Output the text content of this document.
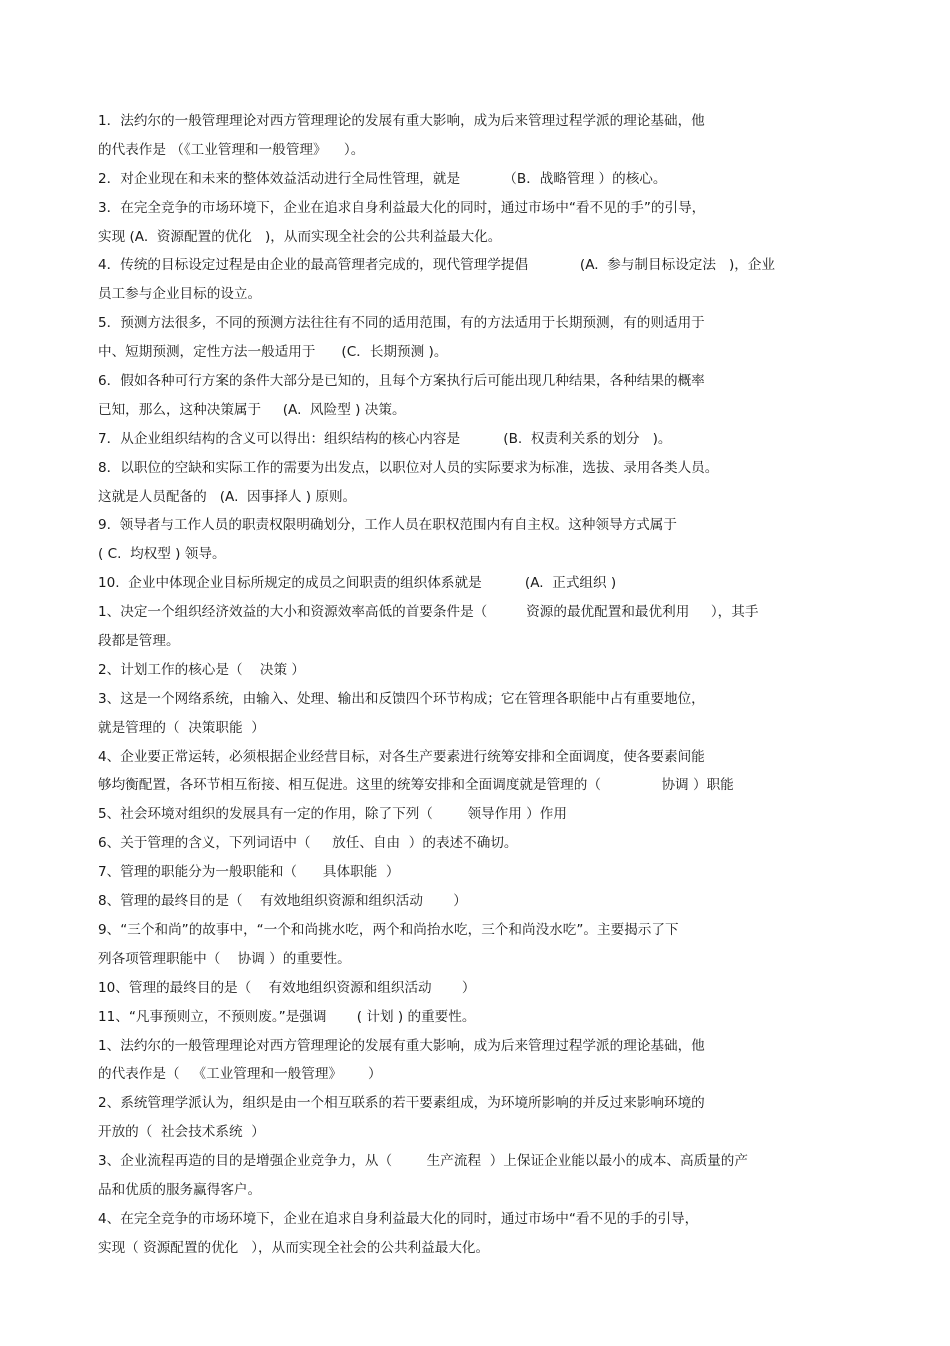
1．法约尔的一般管理理论对西方管理理论的发展有重大影响，成为后来管理过程学派的理论基础，他
的代表作是 （《工业管理和一般管理》    ）。
2．对企业现在和未来的整体效益活动进行全局性管理，就是          （B．战略管理 ）的核心。
3．在完全竞争的市场环境下，企业在追求自身利益最大化的同时，通过市场中“看不见的手”的引导，
实现 (A.  资源配置的优化   )，从而实现全社会的公共利益最大化。
4．传统的目标设定过程是由企业的最高管理者完成的，现代管理学提倡            (A.  参与制目标设定法   )，企业
员工参与企业目标的设立。
5．预测方法很多，不同的预测方法往往有不同的适用范围，有的方法适用于长期预测，有的则适用于
中、短期预测，定性方法一般适用于      (C．长期预测 )。
6．假如各种可行方案的条件大部分是已知的，且每个方案执行后可能出现几种结果，各种结果的概率
已知，那么，这种决策属于     (A.  风险型 ) 决策。
7．从企业组织结构的含义可以得出：组织结构的核心内容是          (B.  权责利关系的划分   )。
8．以职位的空缺和实际工作的需要为出发点，以职位对人员的实际要求为标准，选拔、录用各类人员。
这就是人员配备的   (A.  因事择人 ) 原则。
9.  领导者与工作人员的职责权限明确划分，工作人员在职权范围内有自主权。这种领导方式属于
( C.  均权型 ) 领导。
10.  企业中体现企业目标所规定的成员之间职责的组织体系就是          (A.  正式组织 )
1、决定一个组织经济效益的大小和资源效率高低的首要条件是（         资源的最优配置和最优利用     ），其手
段都是管理。
2、计划工作的核心是（    决策 ）
3、这是一个网络系统，由输入、处理、输出和反馈四个环节构成；它在管理各职能中占有重要地位，
就是管理的（  决策职能  ）
4、企业要正常运转，必须根据企业经营目标，对各生产要素进行统筹安排和全面调度，使各要素间能
够均衡配置，各环节相互衔接、相互促进。这里的统筹安排和全面调度就是管理的（              协调 ）职能
5、社会环境对组织的发展具有一定的作用，除了下列（        领导作用 ）作用
6、关于管理的含义，下列词语中（     放任、自由  ）的表述不确切。
7、管理的职能分为一般职能和（      具体职能  ）
8、管理的最终目的是（    有效地组织资源和组织活动       ）
9、“三个和尚”的故事中，“一个和尚挑水吃，两个和尚抬水吃，三个和尚没水吃”。主要揭示了下
列各项管理职能中（    协调 ）的重要性。
10、管理的最终目的是（    有效地组织资源和组织活动       ）
11、“凡事预则立，不预则废。”是强调       ( 计划 ) 的重要性。
1、法约尔的一般管理理论对西方管理理论的发展有重大影响，成为后来管理过程学派的理论基础，他
的代表作是（   《工业管理和一般管理》      ）
2、系统管理学派认为，组织是由一个相互联系的若干要素组成，为环境所影响的并反过来影响环境的
开放的（  社会技术系统  ）
3、企业流程再造的目的是增强企业竞争力，从（        生产流程  ）上保证企业能以最小的成本、高质量的产
品和优质的服务赢得客户。
4、在完全竞争的市场环境下，企业在追求自身利益最大化的同时，通过市场中“看不见的手的引导，
实现（ 资源配置的优化   ），从而实现全社会的公共利益最大化。
